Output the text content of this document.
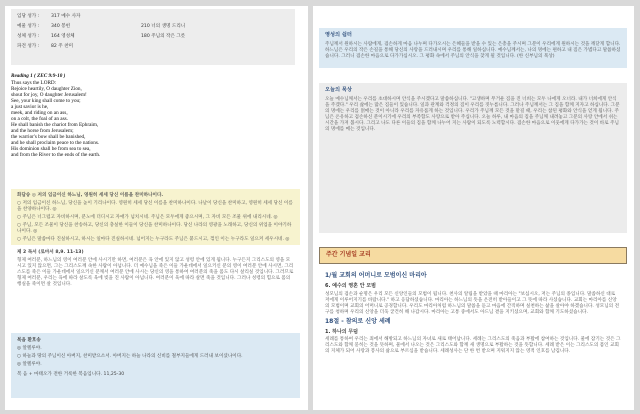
입당 성가 :	317 예수 사자
예물 성가 :	340 봉헌	210 너의 생명 드리니
성체 성가 :	164 영성체	180 주님의 작은 그릇
파견 성가 :	82 주 찬미
Reading 1 ( ZEC 9:9-10 )
Thus says the LORD:
Rejoice heartily, O daughter Zion,
shout for joy, O daughter Jerusalem!
See, your king shall come to you;
a just savior is he,
meek, and riding on an ass,
on a colt, the foal of an ass.
He shall banish the chariot from Ephraim,
and the horse from Jerusalem;
the warrior's bow shall be banished,
and he shall proclaim peace to the nations.
His dominion shall be from sea to sea,
and from the River to the ends of the earth.

화답송 ◎ 저의 임금이신 하느님, 영원히 세세 당신 이름을 찬미하나이다.

○ 저의 임금이신 하느님, 당신을 높이 기리나이다. 영원히 세세 당신 이름을 찬미하나이다. 나날이 당신을 찬미하고, 영원히 세세 당신 이름을 찬양하나이다. ◎

○ 주님은 너그럽고 자비하시며, 분노에 더디시고 자애가 넘치시네. 주님은 모두에게 좋으시며, 그 자비 모든 조물 위에 내리시네. ◎

○ 주님, 모든 조물이 당신을 찬송하고, 당신의 충실한 이들이 당신을 찬미하나이다. 당신 나라의 영광을 노래하고, 당신의 위업을 이야기하나이다. ◎

○ 주님은 말씀마다 진실하시고, 하시는 일마다 진실하시네. 넘어지는 누구라도 주님은 붙드시고, 꺾인 이는 누구라도 일으켜 세우시네. ◎

제 2 독서 (로마서 8,9. 11-13)

형제 여러분, 하느님의 영이 여러분 안에 사시기만 하면, 여러분은 육 안에 있지 않고 성령 안에 있게 됩니다. 누구든지 그리스도의 영을 모시고 있지 않으면, 그는 그리스도께 속한 사람이 아닙니다. 더 예수님을 죽은 이들 가운데에서 일으키신 분의 영이 여러분 안에 사시면, 그리스도를 죽은 이들 가운데에서 일으키신 분께서 여러분 안에 사시는 당신의 영을 통하여 여러분의 죽을 몸도 다시 살리실 것입니다. 그러므로 형제 여러분, 우리는 육에 따라 살도록 육에 빚을 진 사람이 아닙니다. 여러분이 육에 따라 살면 죽을 것입니다. 그러나 성령의 힘으로 몸의 행실을 죽이면 살 것입니다.

복음 환호송

◎ 알렐루야.

○ 하늘과 땅의 주님이신 아버지, 찬미받으소서. 아버지는 하늘 나라의 신비를 철부지들에게 드러내 보이셨나이다.

◎ 알렐루야.

복 음 + 마태오가 전한 거룩한 복음입니다. 11,25-30

영성의 쉼터

주님께서 원하시는 사람에게, 겸손하게 마음 나누며 다가오시는 은혜들을 받을 수 있는 은총을 주시며 그분이 우리에게 원하시는 것을 깨닫게 합니다. 하느님은 우리의 작은 손길을 통해 당신의 사랑을 드러내시며 우리를 통해 일하십니다. 예수님께서는, 나의 멍에는 편하고 내 짐은 가볍다고 말씀하셨습니다. 그러니 겸손한 마음으로 다가가십시오. 그 평화 속에서 주님의 안식을 찾게 될 것입니다. (한 신부님의 묵상)

오늘의 묵상

오늘 예수님께서는 우리를 초대하시며 안식을 주시겠다고 말씀하십니다. "고생하며 무거운 짐을 진 너희는 모두 나에게 오너라. 내가 너희에게 안식을 주겠다." 우리 삶에는 많은 짐들이 있습니다. 일과 관계와 걱정의 짐이 우리를 짓누릅니다. 그러나 주님께서는 그 짐을 함께 지자고 하십니다. 그분의 멍에는 우리를 얽매는 것이 아니라 우리를 자유롭게 하는 것입니다. 우리가 주님께 모든 것을 맡길 때, 우리는 참된 평화와 안식을 얻게 됩니다. 주님은 온유하고 겸손하신 분이시기에 우리의 부족함도 사랑으로 받아 주십니다. 오늘 하루, 내 마음의 짐을 주님께 내려놓고 그분의 사랑 안에서 쉬는 시간을 가져 봅시다. 그리고 나도 다른 이들의 짐을 함께 나누어 지는 사람이 되도록 노력합시다. 겸손한 마음으로 이웃에게 다가가는 것이 바로 주님의 멍에를 메는 것입니다.

주간 기념일 교리
1/월 교회의 어머니로 모범이신 마리아
6. 예수의 영혼 안 모범

성모님의 겸손과 순명은 우리 모든 신앙인들의 모범이 됩니다. 천사의 알림을 받았을 때 마리아는 "보십시오, 저는 주님의 종입니다. 말씀하신 대로 저에게 이루어지기를 바랍니다." 하고 응답하셨습니다. 마리아는 하느님의 뜻을 온전히 받아들이고 그 뜻에 따라 사셨습니다. 교회는 마리아를 신앙의 모범이며 교회의 어머니로 공경합니다. 우리도 마리아처럼 하느님의 말씀을 듣고 마음에 간직하며 실천하는 삶을 살아야 하겠습니다. 성모님의 전구를 청하며 우리의 신앙을 더욱 굳건히 해 나갑시다. 마리아는 고통 중에서도 아드님 곁을 지키셨으며, 교회와 함께 기도하셨습니다.

18절 - 참의로 신앙 세례
1. 하나의 무덤

세례를 통하여 우리는 죄에서 해방되고 하느님의 자녀로 새로 태어납니다. 세례는 그리스도의 죽음과 부활에 참여하는 것입니다. 물에 잠기는 것은 그리스도와 함께 묻히는 것을 뜻하며, 물에서 나오는 것은 그리스도와 함께 새 생명으로 부활하는 것을 뜻합니다. 세례 받은 이는 그리스도의 몸인 교회의 지체가 되어 사랑과 봉사의 삶으로 부르심을 받습니다. 세례성사는 단 한 번 받으며 지워지지 않는 영적 인호를 남깁니다.
